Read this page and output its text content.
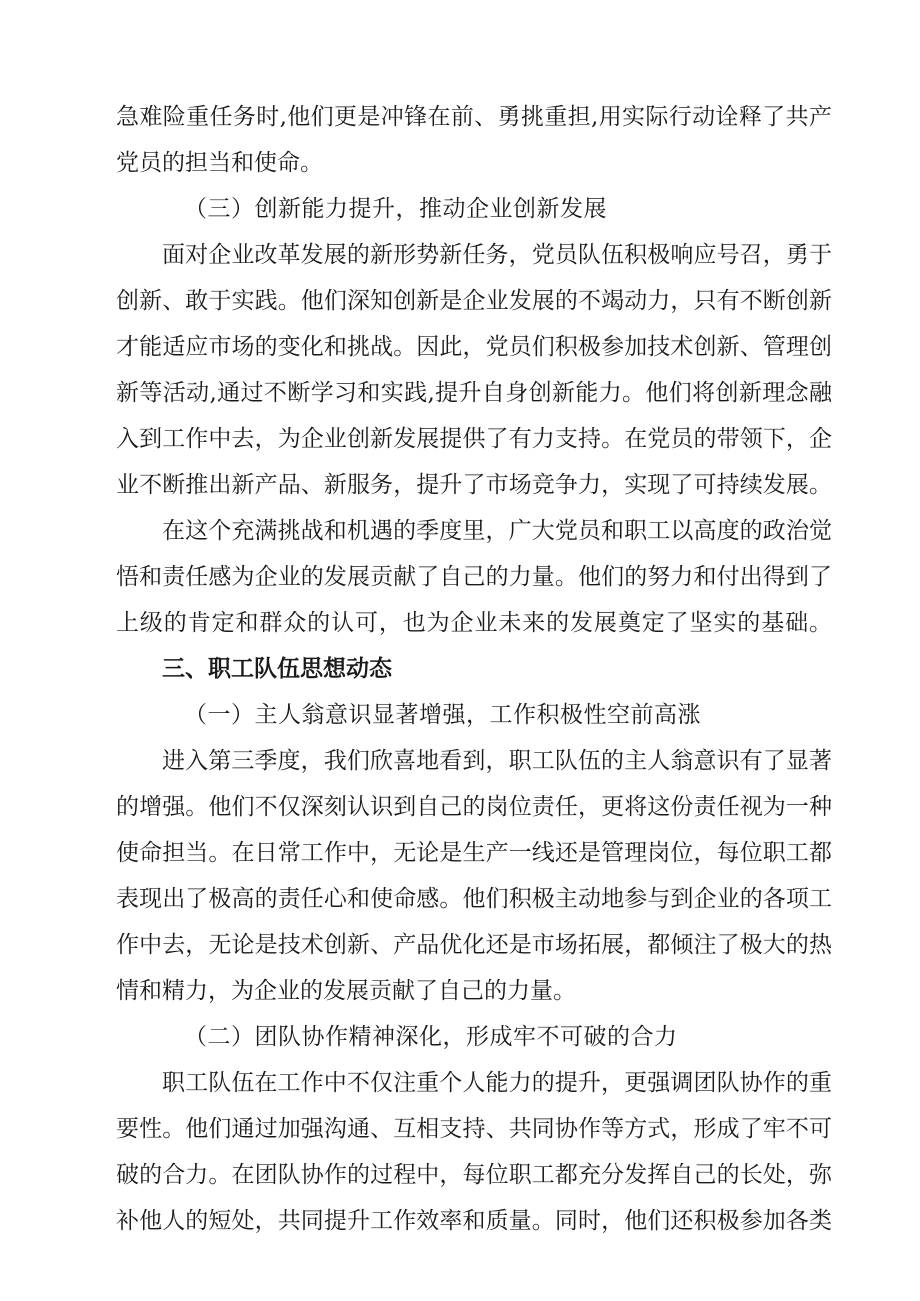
急难险重任务时,他们更是冲锋在前、勇挑重担,用实际行动诠释了共产
党员的担当和使命。
（三）创新能力提升，推动企业创新发展
面对企业改革发展的新形势新任务，党员队伍积极响应号召，勇于
创新、敢于实践。他们深知创新是企业发展的不竭动力，只有不断创新
才能适应市场的变化和挑战。因此，党员们积极参加技术创新、管理创
新等活动,通过不断学习和实践,提升自身创新能力。他们将创新理念融
入到工作中去，为企业创新发展提供了有力支持。在党员的带领下，企
业不断推出新产品、新服务，提升了市场竞争力，实现了可持续发展。
在这个充满挑战和机遇的季度里，广大党员和职工以高度的政治觉
悟和责任感为企业的发展贡献了自己的力量。他们的努力和付出得到了
上级的肯定和群众的认可，也为企业未来的发展奠定了坚实的基础。
三、职工队伍思想动态
（一）主人翁意识显著增强，工作积极性空前高涨
进入第三季度，我们欣喜地看到，职工队伍的主人翁意识有了显著
的增强。他们不仅深刻认识到自己的岗位责任，更将这份责任视为一种
使命担当。在日常工作中，无论是生产一线还是管理岗位，每位职工都
表现出了极高的责任心和使命感。他们积极主动地参与到企业的各项工
作中去，无论是技术创新、产品优化还是市场拓展，都倾注了极大的热
情和精力，为企业的发展贡献了自己的力量。
（二）团队协作精神深化，形成牢不可破的合力
职工队伍在工作中不仅注重个人能力的提升，更强调团队协作的重
要性。他们通过加强沟通、互相支持、共同协作等方式，形成了牢不可
破的合力。在团队协作的过程中，每位职工都充分发挥自己的长处，弥
补他人的短处，共同提升工作效率和质量。同时，他们还积极参加各类
